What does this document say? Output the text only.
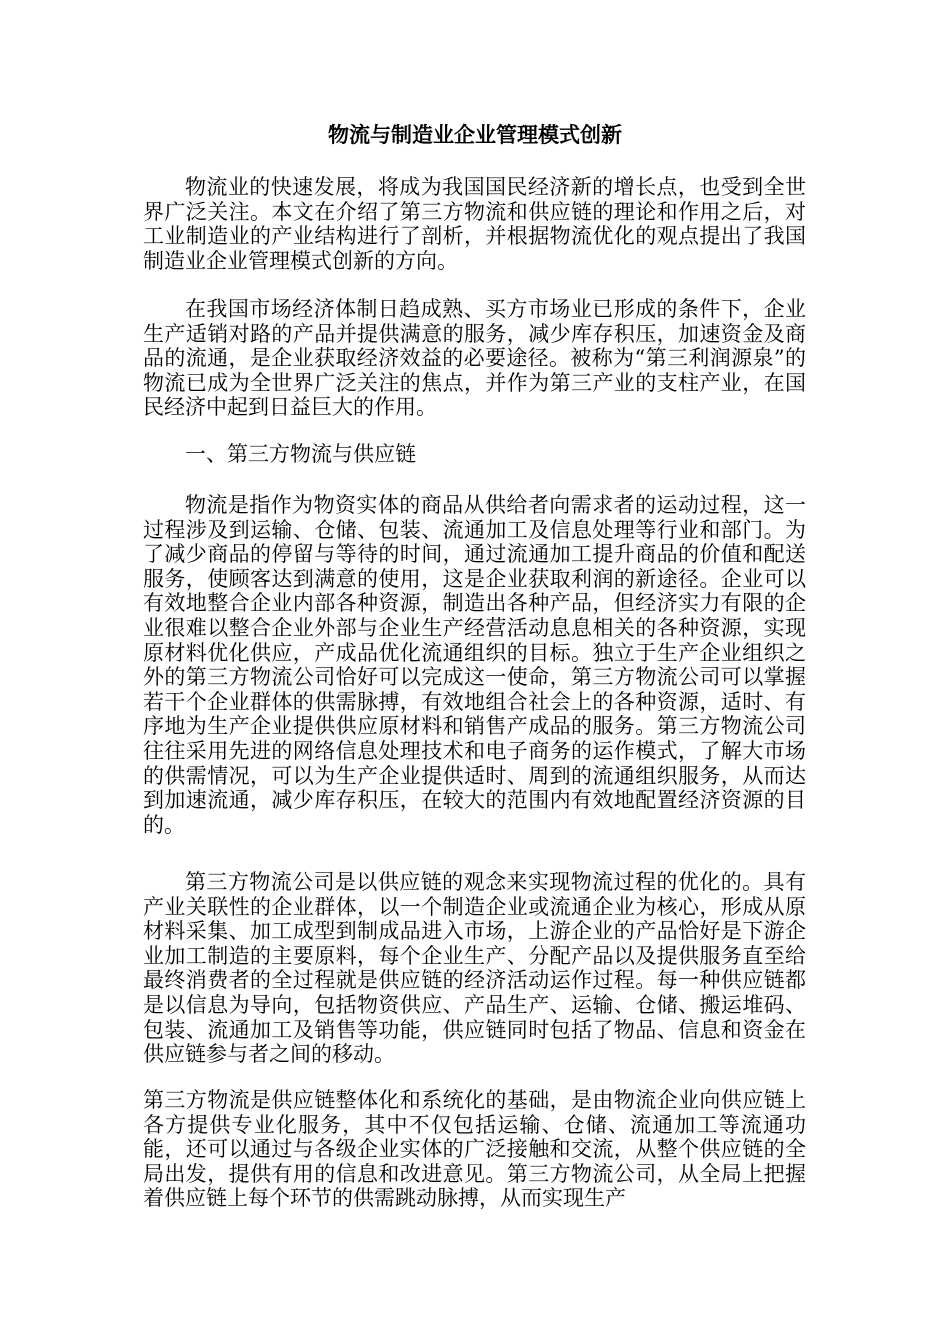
物流与制造业企业管理模式创新
物流业的快速发展，将成为我国国民经济新的增长点，也受到全世界广泛关注。本文在介绍了第三方物流和供应链的理论和作用之后，对工业制造业的产业结构进行了剖析，并根据物流优化的观点提出了我国制造业企业管理模式创新的方向。
在我国市场经济体制日趋成熟、买方市场业已形成的条件下，企业生产适销对路的产品并提供满意的服务，减少库存积压，加速资金及商品的流通，是企业获取经济效益的必要途径。被称为“第三利润源泉”的物流已成为全世界广泛关注的焦点，并作为第三产业的支柱产业，在国民经济中起到日益巨大的作用。
一、第三方物流与供应链
物流是指作为物资实体的商品从供给者向需求者的运动过程，这一过程涉及到运输、仓储、包装、流通加工及信息处理等行业和部门。为了减少商品的停留与等待的时间，通过流通加工提升商品的价值和配送服务，使顾客达到满意的使用，这是企业获取利润的新途径。企业可以有效地整合企业内部各种资源，制造出各种产品，但经济实力有限的企业很难以整合企业外部与企业生产经营活动息息相关的各种资源，实现原材料优化供应，产成品优化流通组织的目标。独立于生产企业组织之外的第三方物流公司恰好可以完成这一使命，第三方物流公司可以掌握若干个企业群体的供需脉搏，有效地组合社会上的各种资源，适时、有序地为生产企业提供供应原材料和销售产成品的服务。第三方物流公司往往采用先进的网络信息处理技术和电子商务的运作模式，了解大市场的供需情况，可以为生产企业提供适时、周到的流通组织服务，从而达到加速流通，减少库存积压，在较大的范围内有效地配置经济资源的目的。
第三方物流公司是以供应链的观念来实现物流过程的优化的。具有产业关联性的企业群体，以一个制造企业或流通企业为核心，形成从原材料采集、加工成型到制成品进入市场，上游企业的产品恰好是下游企业加工制造的主要原料，每个企业生产、分配产品以及提供服务直至给最终消费者的全过程就是供应链的经济活动运作过程。每一种供应链都是以信息为导向，包括物资供应、产品生产、运输、仓储、搬运堆码、包装、流通加工及销售等功能，供应链同时包括了物品、信息和资金在供应链参与者之间的移动。
第三方物流是供应链整体化和系统化的基础，是由物流企业向供应链上各方提供专业化服务，其中不仅包括运输、仓储、流通加工等流通功能，还可以通过与各级企业实体的广泛接触和交流，从整个供应链的全局出发，提供有用的信息和改进意见。第三方物流公司，从全局上把握着供应链上每个环节的供需跳动脉搏，从而实现生产
